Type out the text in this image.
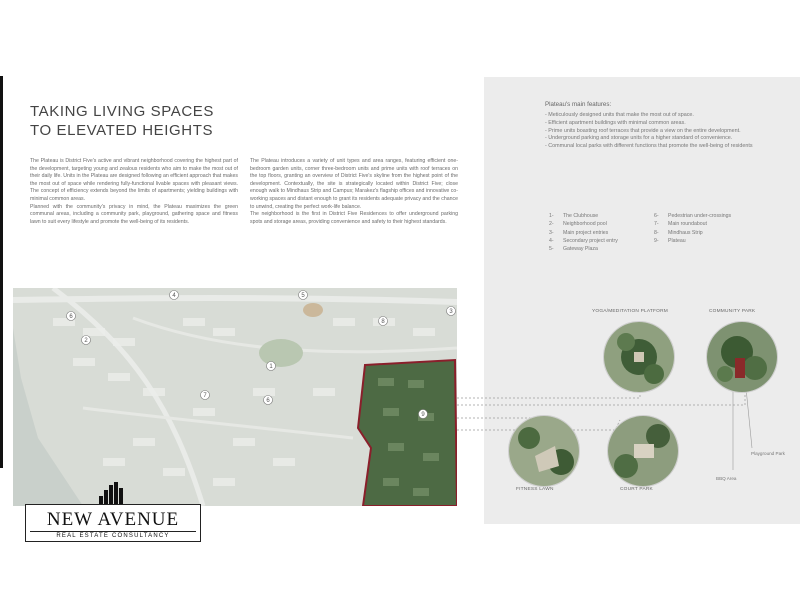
TAKING LIVING SPACES
TO ELEVATED HEIGHTS

The Plateau is District Five's active and vibrant neighborhood covering the highest part of the development, targeting young and zealous residents who aim to make the most out of their daily life. Units in the Plateau are designed following an efficient approach that makes the most out of space while rendering fully-functional livable spaces with pleasant views. The concept of efficiency extends beyond the limits of apartments; yielding buildings with minimal common areas.

Planned with the community's privacy in mind, the Plateau maximizes the green communal areas, including a community park, playground, gathering space and fitness lawn to suit every lifestyle and promote the well-being of its residents.

The Plateau introduces a variety of unit types and area ranges, featuring efficient one-bedroom garden units, corner three-bedroom units and prime units with roof terraces on the top floors, granting an overview of District Five's skyline from the highest point of the development. Contextually, the site is strategically located within District Five; close enough walk to Mindhaus Strip and Campus; Marakez's flagship offices and innovative co-working spaces and distant enough to grant its residents adequate privacy and the chance to unwind, creating the perfect work-life balance.

The neighborhood is the first in District Five Residences to offer underground parking spots and storage areas, providing convenience and safety to their highest standards.

Plateau's main features:
- Meticulously designed units that make the most out of space.
- Efficient apartment buildings with minimal common areas.
- Prime units boasting roof terraces that provide a view on the entire development.
- Underground parking and storage units for a higher standard of convenience.
- Communal local parks with different functions that promote the well-being of residents
1- The Clubhouse
2- Neighborhood pool
3- Main project entries
4- Secondary project entry
5- Gateway Plaza
6- Pedestrian under-crossings
7- Main roundabout
8- Mindhaus Strip
9- Plateau
4	5
6
8
3
2
1
7
6
9
YOGA/MEDITATION PLATFORM	COMMUNITY PARK
FITNESS LAWN	COURT PARK
BBQ Area
Playground Park
NEW AVENUE
REAL ESTATE CONSULTANCY
